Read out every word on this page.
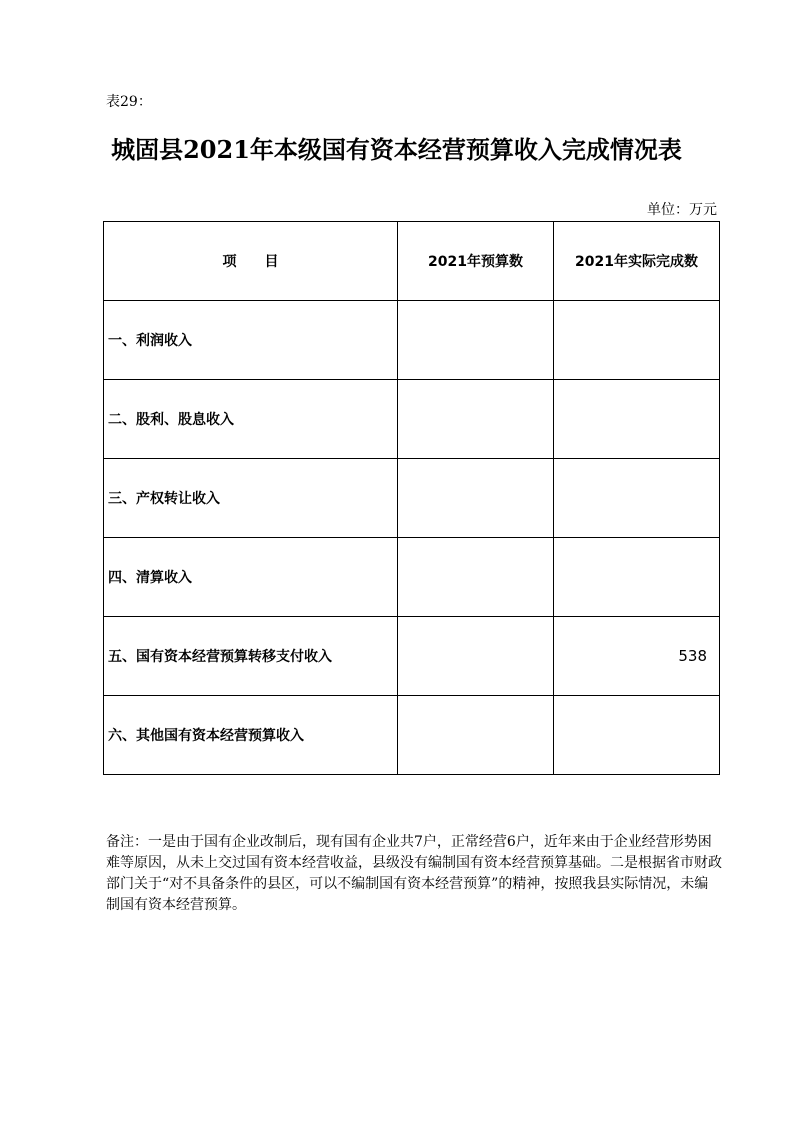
表29：
城固县2021年本级国有资本经营预算收入完成情况表
单位：万元
项　　目	2021年预算数	2021年实际完成数
一、利润收入		
二、股利、股息收入		
三、产权转让收入		
四、清算收入		
五、国有资本经营预算转移支付收入		538
六、其他国有资本经营预算收入		
备注：一是由于国有企业改制后，现有国有企业共7户，正常经营6户，近年来由于企业经营形势困难等原因，从未上交过国有资本经营收益，县级没有编制国有资本经营预算基础。二是根据省市财政部门关于“对不具备条件的县区，可以不编制国有资本经营预算”的精神，按照我县实际情况，未编制国有资本经营预算。
